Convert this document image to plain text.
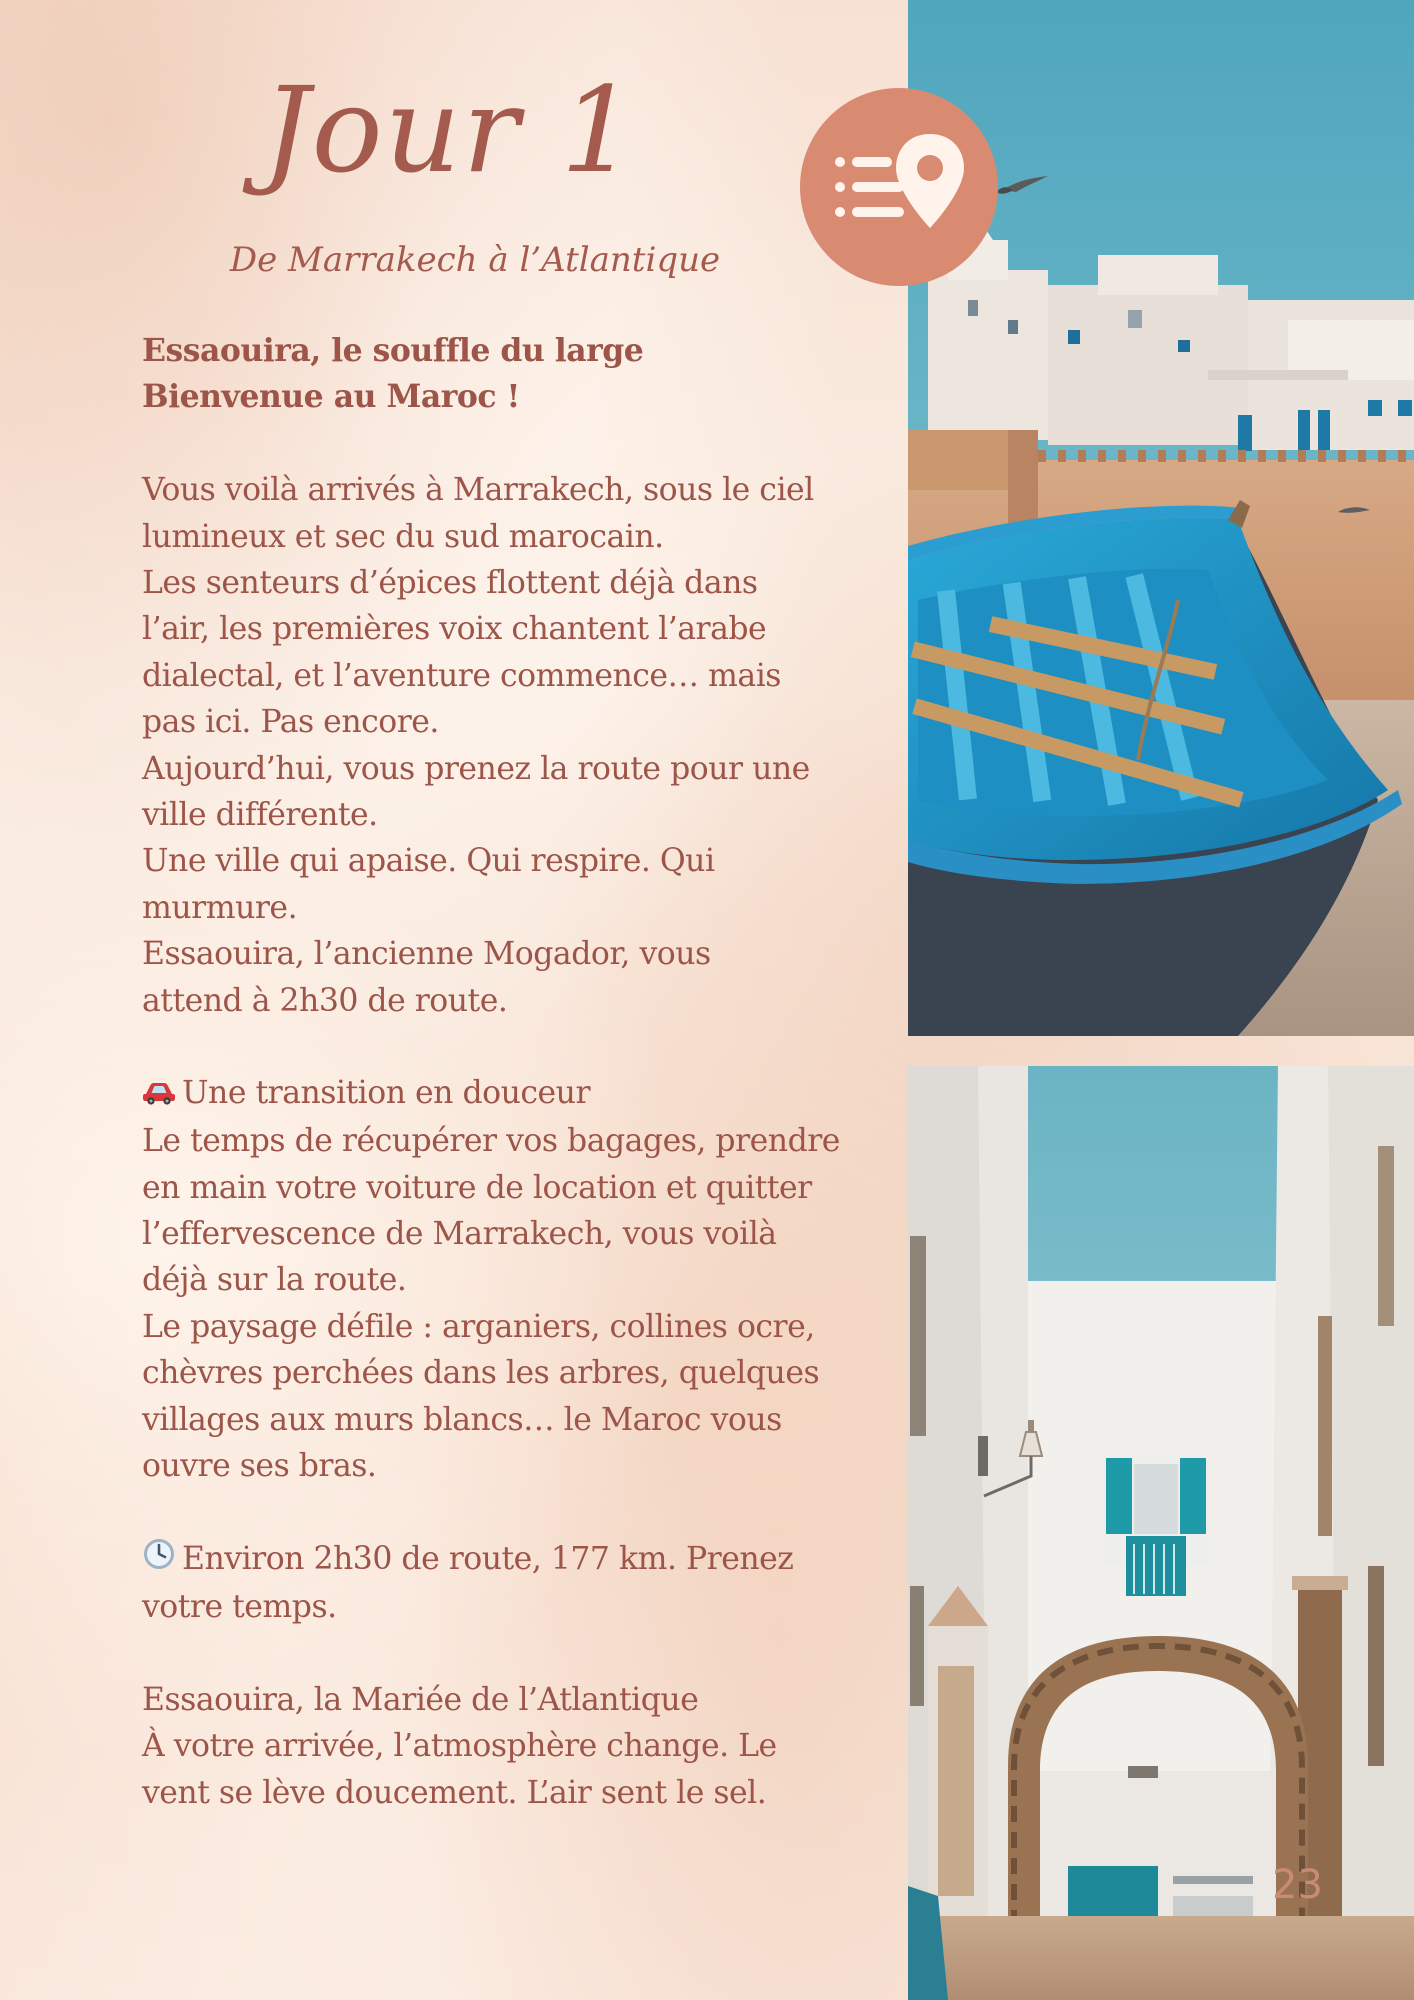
Jour 1
De Marrakech à l’Atlantique
Essaouira, le souffle du large
Bienvenue au Maroc !
Vous voilà arrivés à Marrakech, sous le ciel
lumineux et sec du sud marocain.
Les senteurs d’épices flottent déjà dans
l’air, les premières voix chantent l’arabe
dialectal, et l’aventure commence… mais
pas ici. Pas encore.
Aujourd’hui, vous prenez la route pour une
ville différente.
Une ville qui apaise. Qui respire. Qui
murmure.
Essaouira, l’ancienne Mogador, vous
attend à 2h30 de route.
Une transition en douceur
Le temps de récupérer vos bagages, prendre
en main votre voiture de location et quitter
l’effervescence de Marrakech, vous voilà
déjà sur la route.
Le paysage défile : arganiers, collines ocre,
chèvres perchées dans les arbres, quelques
villages aux murs blancs… le Maroc vous
ouvre ses bras.
Environ 2h30 de route, 177 km. Prenez
votre temps.
Essaouira, la Mariée de l’Atlantique
À votre arrivée, l’atmosphère change. Le
vent se lève doucement. L’air sent le sel.
23
